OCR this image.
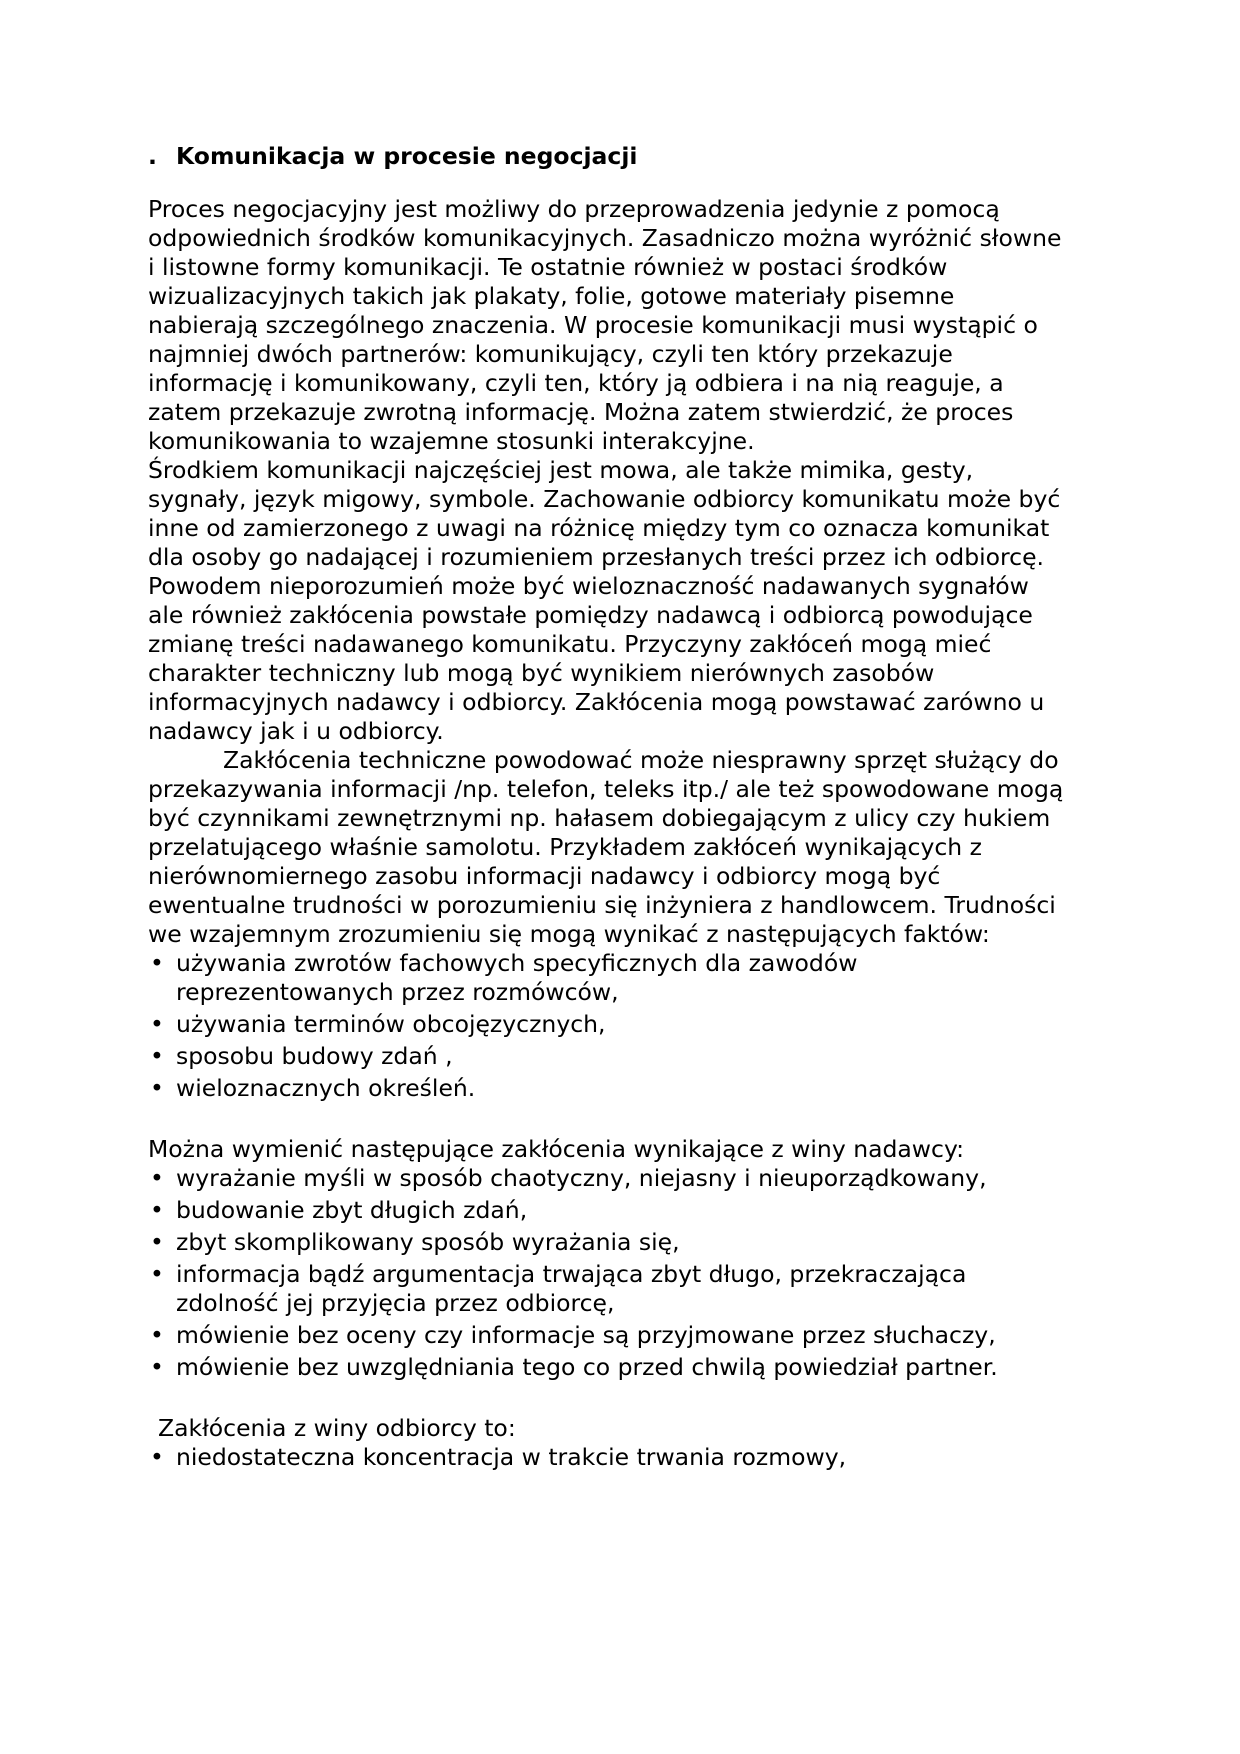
. Komunikacja w procesie negocjacji

Proces negocjacyjny jest możliwy do przeprowadzenia jedynie z pomocą odpowiednich środków komunikacyjnych. Zasadniczo można wyróżnić słowne i listowne formy komunikacji. Te ostatnie również w postaci środków wizualizacyjnych takich jak plakaty, folie, gotowe materiały pisemne nabierają szczególnego znaczenia. W procesie komunikacji musi wystąpić o najmniej dwóch partnerów: komunikujący, czyli ten który przekazuje informację i komunikowany, czyli ten, który ją odbiera i na nią reaguje, a zatem przekazuje zwrotną informację. Można zatem stwierdzić, że proces komunikowania to wzajemne stosunki interakcyjne.

Środkiem komunikacji najczęściej jest mowa, ale także mimika, gesty, sygnały, język migowy, symbole. Zachowanie odbiorcy komunikatu może być inne od zamierzonego z uwagi na różnicę między tym co oznacza komunikat dla osoby go nadającej i rozumieniem przesłanych treści przez ich odbiorcę. Powodem nieporozumień może być wieloznaczność nadawanych sygnałów ale również zakłócenia powstałe pomiędzy nadawcą i odbiorcą powodujące zmianę treści nadawanego komunikatu. Przyczyny zakłóceń mogą mieć charakter techniczny lub mogą być wynikiem nierównych zasobów informacyjnych nadawcy i odbiorcy. Zakłócenia mogą powstawać zarówno u nadawcy jak i u odbiorcy.

Zakłócenia techniczne powodować może niesprawny sprzęt służący do przekazywania informacji /np. telefon, teleks itp./ ale też spowodowane mogą być czynnikami zewnętrznymi np. hałasem dobiegającym z ulicy czy hukiem przelatującego właśnie samolotu. Przykładem zakłóceń wynikających z nierównomiernego zasobu informacji nadawcy i odbiorcy mogą być ewentualne trudności w porozumieniu się inżyniera z handlowcem. Trudności we wzajemnym zrozumieniu się mogą wynikać z następujących faktów:

• używania zwrotów fachowych specyficznych dla zawodów reprezentowanych przez rozmówców,
• używania terminów obcojęzycznych,
• sposobu budowy zdań ,
• wieloznacznych określeń.

Można wymienić następujące zakłócenia wynikające z winy nadawcy:

• wyrażanie myśli w sposób chaotyczny, niejasny i nieuporządkowany,
• budowanie zbyt długich zdań,
• zbyt skomplikowany sposób wyrażania się,
• informacja bądź argumentacja trwająca zbyt długo, przekraczająca zdolność jej przyjęcia przez odbiorcę,
• mówienie bez oceny czy informacje są przyjmowane przez słuchaczy,
• mówienie bez uwzględniania tego co przed chwilą powiedział partner.

Zakłócenia z winy odbiorcy to:

• niedostateczna koncentracja w trakcie trwania rozmowy,
